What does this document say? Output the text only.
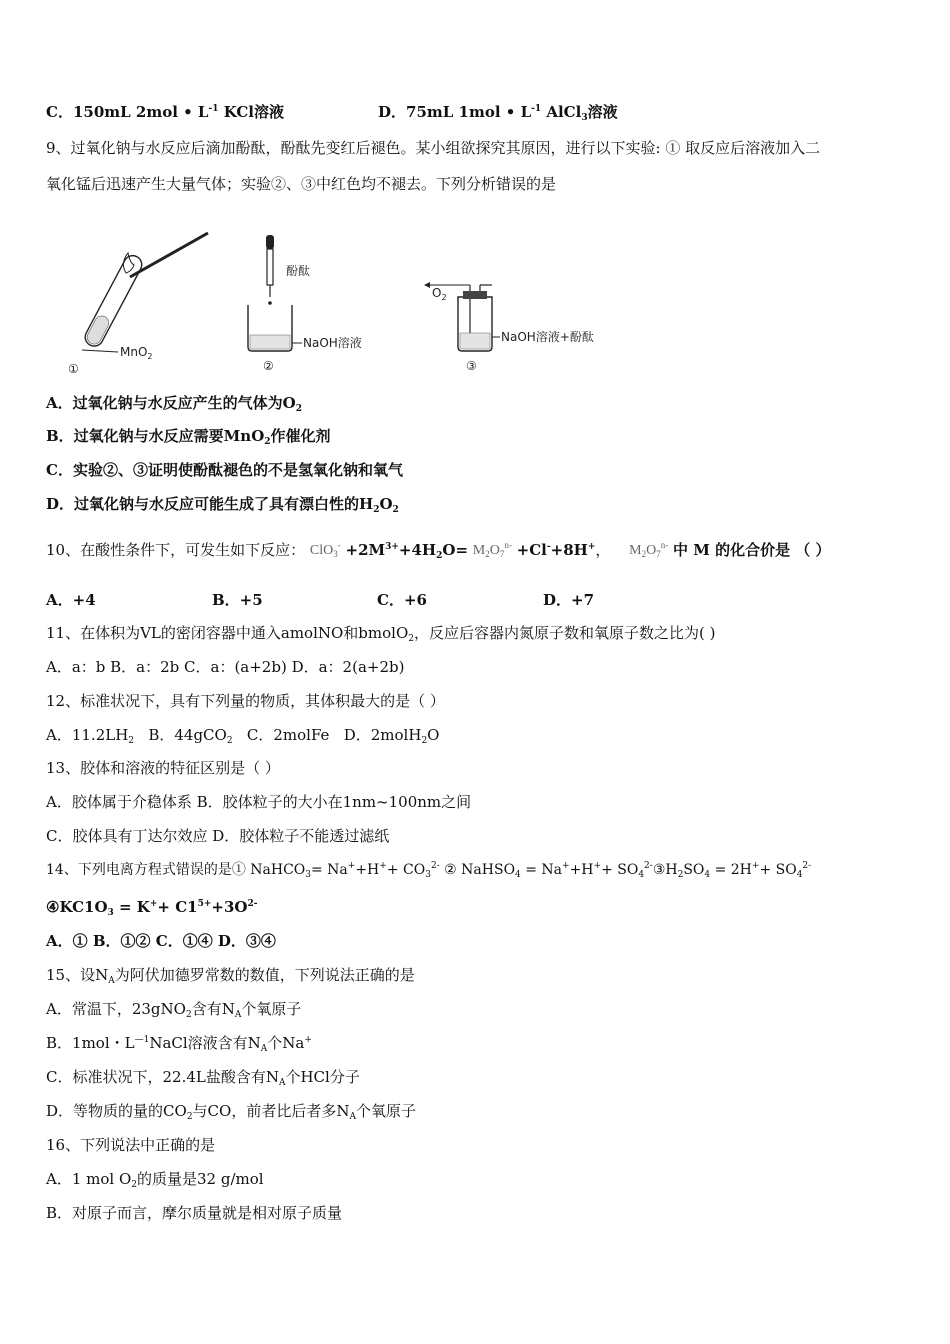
C．150mL 2mol • $L^{-1}$ KCl溶液	D．75mL 1mol • $L^{-1}$ AlCl$_3$溶液
9、过氧化钠与水反应后滴加酚酞，酚酞先变红后褪色。某小组欲探究其原因，进行以下实验: ① 取反应后溶液加入二
氧化锰后迅速产生大量气体；实验②、③中红色均不褪去。下列分析错误的是
MnO$_2$
①
酚酞
NaOH溶液
②
$O_2$
NaOH溶液+酚酞
③
A．过氧化钠与水反应产生的气体为$O_2$
B．过氧化钠与水反应需要MnO$_2$作催化剂
C．实验②、③证明使酚酞褪色的不是氢氧化钠和氧气
D．过氧化钠与水反应可能生成了具有漂白性的$H_2O_2$
10、在酸性条件下，可发生如下反应： $ClO_3^- +2M^{3+}+4H_2O= M_2O_7^{n-} +Cl^-+8H^+$， $M_2O_7^{n-}$ 中 M 的化合价是 （ ）
A．+4	B．+5	C．+6	D．+7
11、在体积为VL的密闭容器中通入amolNO和bmolO$_2$，反应后容器内氮原子数和氧原子数之比为( )
A．a：b B．a：2b C．a：(a+2b) D．a：2(a+2b)
12、标准状况下，具有下列量的物质，其体积最大的是（ ）
A．$11.2LH_2$ B．44gCO$_2$ C．2molFe D．2molH$_2$O
13、胶体和溶液的特征区别是（ ）
A．胶体属于介稳体系 B．胶体粒子的大小在1nm~100nm之间
C．胶体具有丁达尔效应 D．胶体粒子不能透过滤纸
14、下列电离方程式错误的是① NaHCO$_3$= $Na^++H^++ CO_3^{2-}$ ② NaHSO$_4$ = $Na^++H^++ SO_4^{2-}③H_2SO_4 = 2H^++ SO_4^{2-}$
$④KC1O_3 = K^++ C1^{5+}+3O^{2-}$
A．① B．①② C．①④ D．③④
15、设$N_A$为阿伏加德罗常数的数值，下列说法正确的是
A．常温下，23gNO$_2$含有$N_A$个氧原子
B．1mol・$L^{—1}NaCl$溶液含有$N_A$个Na+
C．标准状况下，22.4L盐酸含有$N_A$个HCl分子
D．等物质的量的$CO_2$与CO，前者比后者多$N_A$个氧原子
16、下列说法中正确的是
A．1 mol $O_2$的质量是32 g/mol
B．对原子而言，摩尔质量就是相对原子质量
